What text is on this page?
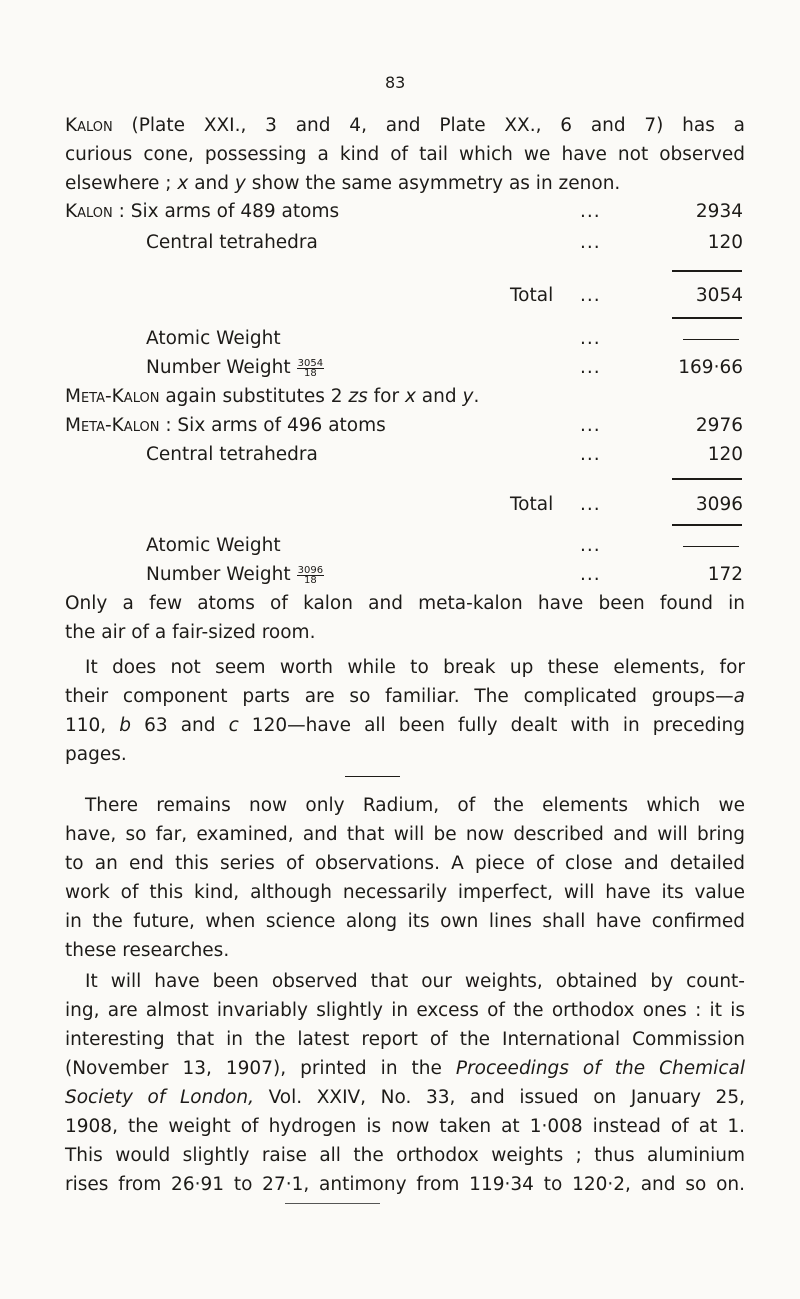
83
Kalon (Plate XXI., 3 and 4, and Plate XX., 6 and 7) has a
curious cone, possessing a kind of tail which we have not observed
elsewhere ; x and y show the same asymmetry as in zenon.
Kalon : Six arms of 489 atoms	...	2934
Central tetrahedra	...	120
Total ...	3054
Atomic Weight	...
Number Weight $\frac{3054}{18}$	...	169·66
Meta-Kalon again substitutes 2 zs for x and y.
Meta-Kalon : Six arms of 496 atoms	...	2976
Central tetrahedra	...	120
Total ...	3096
Atomic Weight	...
Number Weight $\frac{3096}{18}$	...	172
Only a few atoms of kalon and meta-kalon have been found in
the air of a fair-sized room.
It does not seem worth while to break up these elements, for
their component parts are so familiar. The complicated groups—a
110, b 63 and c 120—have all been fully dealt with in preceding
pages.
There remains now only Radium, of the elements which we
have, so far, examined, and that will be now described and will bring
to an end this series of observations. A piece of close and detailed
work of this kind, although necessarily imperfect, will have its value
in the future, when science along its own lines shall have confirmed
these researches.
It will have been observed that our weights, obtained by count-
ing, are almost invariably slightly in excess of the orthodox ones : it is
interesting that in the latest report of the International Commission
(November 13, 1907), printed in the Proceedings of the Chemical
Society of London, Vol. XXIV, No. 33, and issued on January 25,
1908, the weight of hydrogen is now taken at 1·008 instead of at 1.
This would slightly raise all the orthodox weights ; thus aluminium
rises from 26·91 to 27·1, antimony from 119·34 to 120·2, and so on.
